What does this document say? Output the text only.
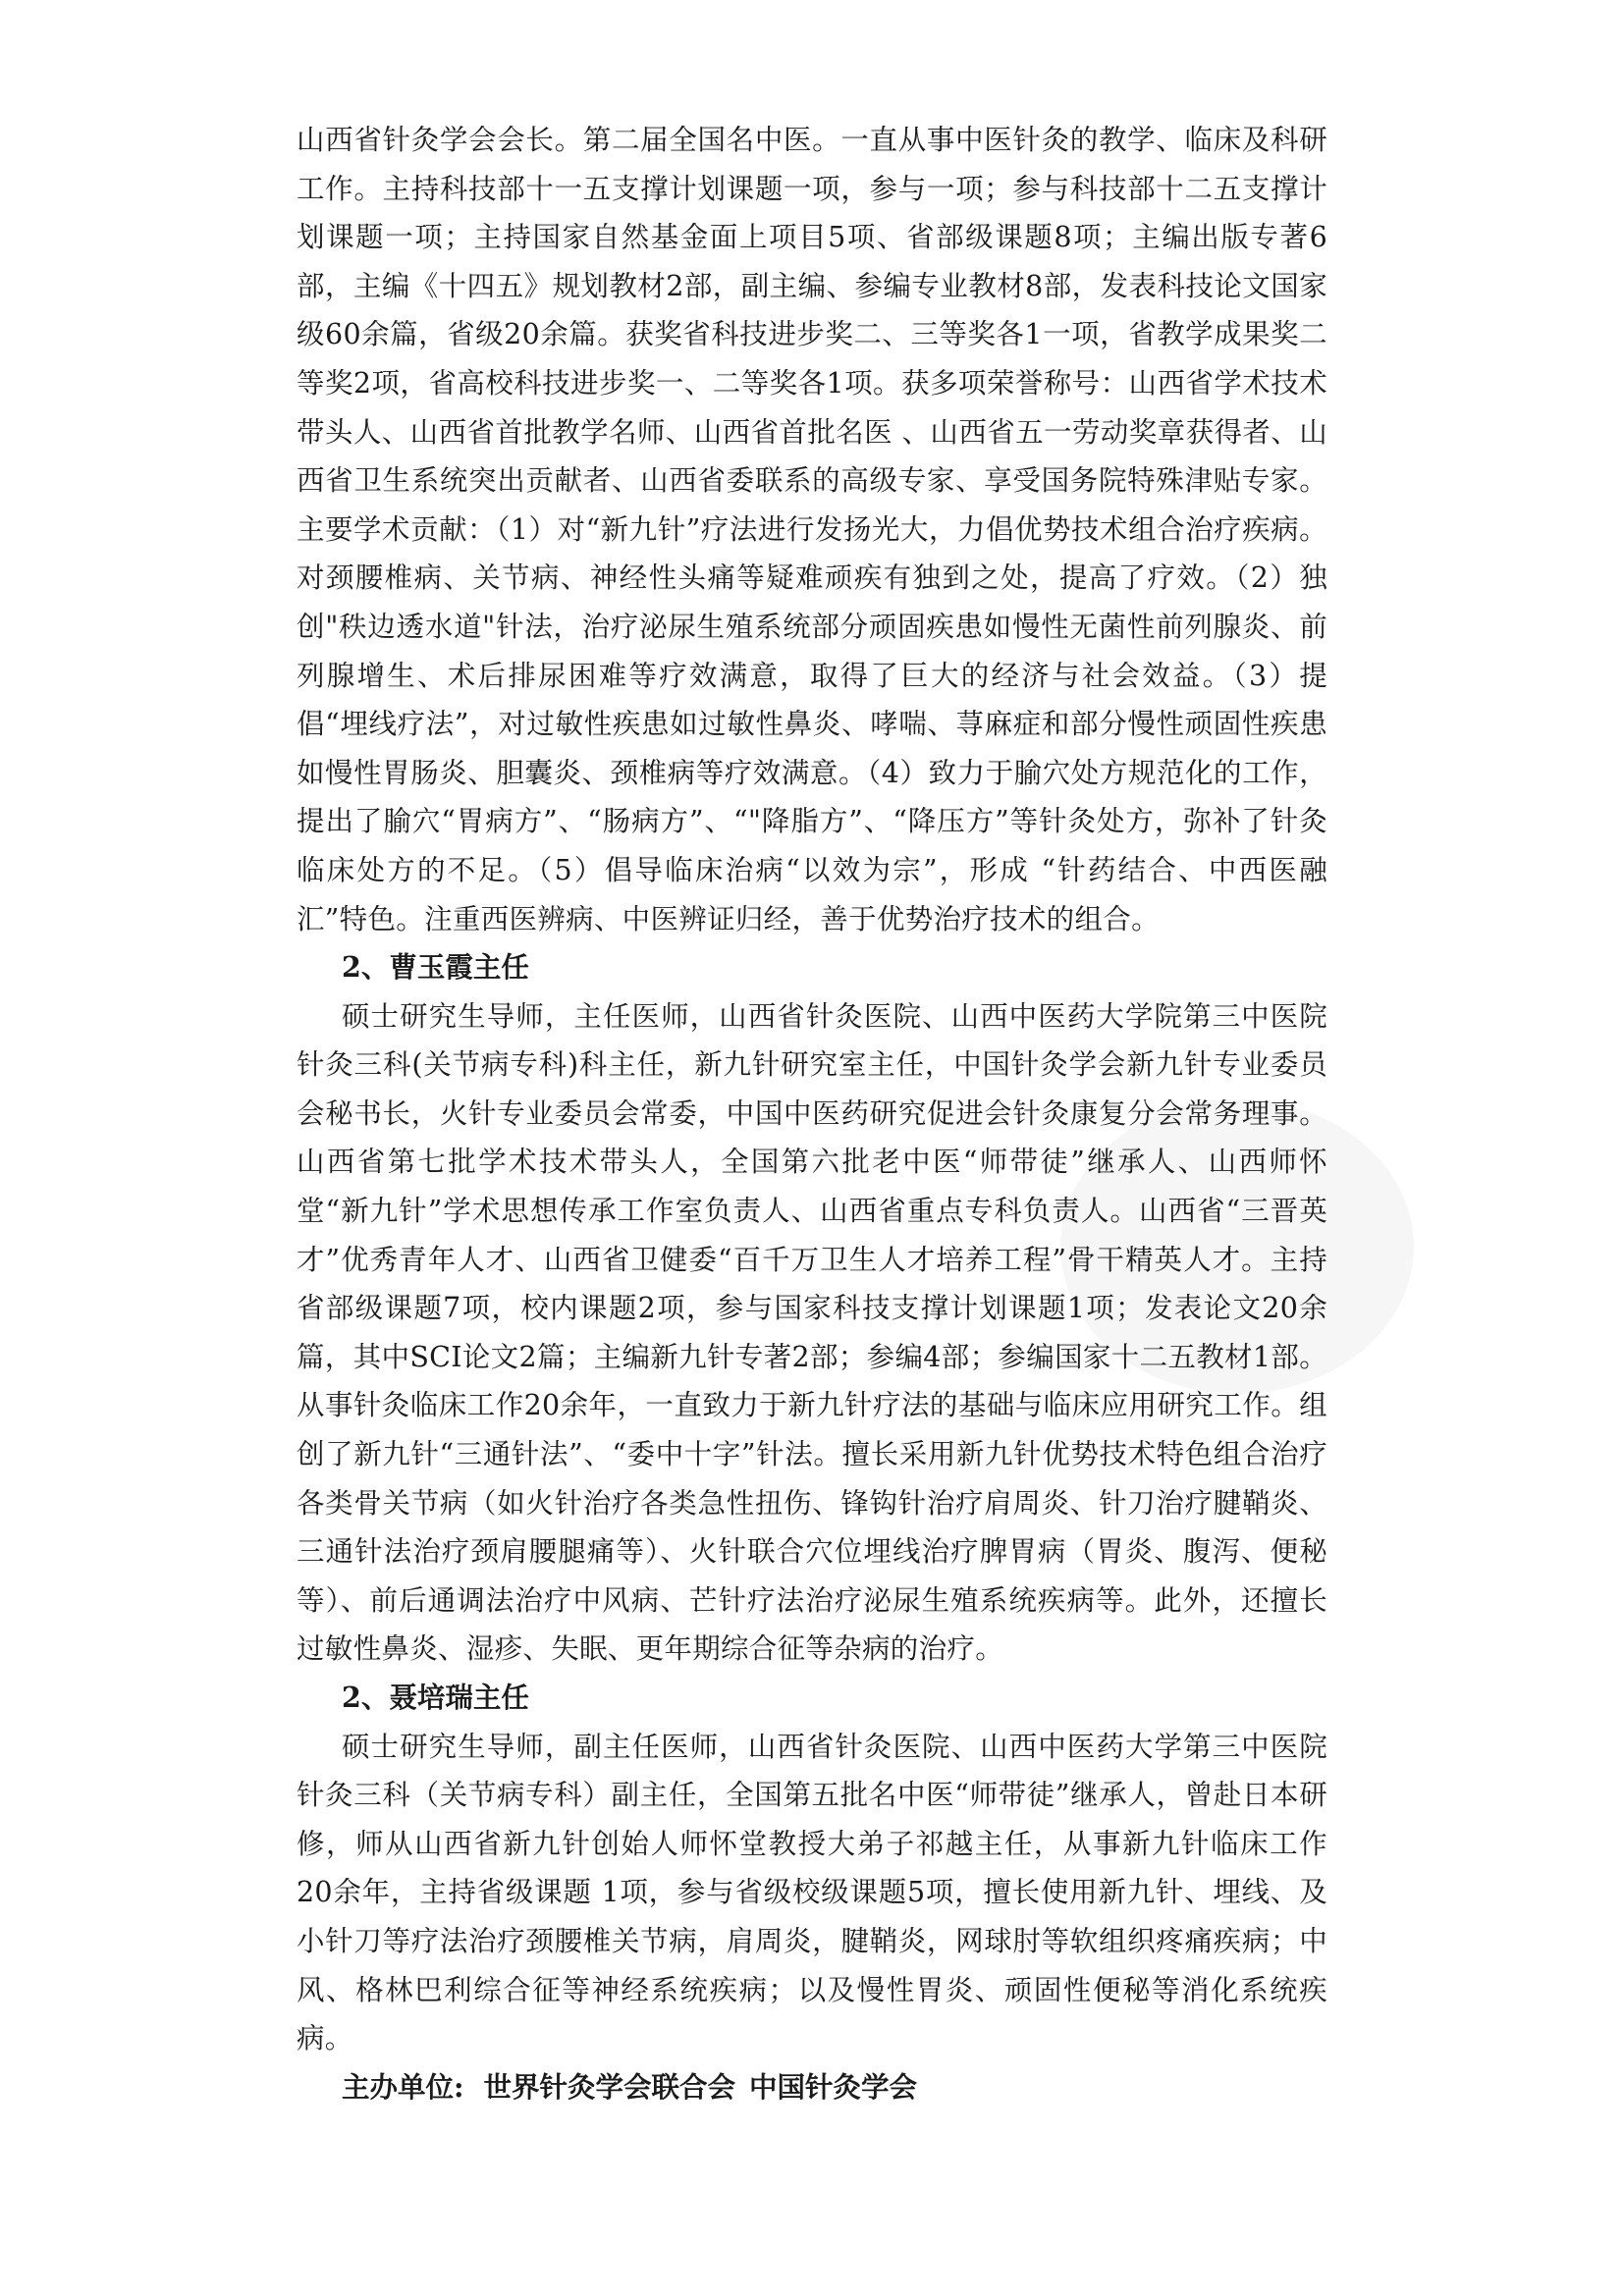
山西省针灸学会会长。第二届全国名中医。一直从事中医针灸的教学、临床及科研工作。主持科技部十一五支撑计划课题一项，参与一项；参与科技部十二五支撑计划课题一项；主持国家自然基金面上项目5项、省部级课题8项；主编出版专著6部，主编《十四五》规划教材2部，副主编、参编专业教材8部，发表科技论文国家级60余篇，省级20余篇。获奖省科技进步奖二、三等奖各1一项，省教学成果奖二等奖2项，省高校科技进步奖一、二等奖各1项。获多项荣誉称号：山西省学术技术带头人、山西省首批教学名师、山西省首批名医 、山西省五一劳动奖章获得者、山西省卫生系统突出贡献者、山西省委联系的高级专家、享受国务院特殊津贴专家。主要学术贡献：（1）对“新九针”疗法进行发扬光大，力倡优势技术组合治疗疾病。对颈腰椎病、关节病、神经性头痛等疑难顽疾有独到之处，提高了疗效。（2）独创"秩边透水道"针法，治疗泌尿生殖系统部分顽固疾患如慢性无菌性前列腺炎、前列腺增生、术后排尿困难等疗效满意，取得了巨大的经济与社会效益。（3）提倡“埋线疗法”，对过敏性疾患如过敏性鼻炎、哮喘、荨麻症和部分慢性顽固性疾患如慢性胃肠炎、胆囊炎、颈椎病等疗效满意。（4）致力于腧穴处方规范化的工作，提出了腧穴“胃病方”、“肠病方”、“"降脂方”、“降压方”等针灸处方，弥补了针灸临床处方的不足。（5）倡导临床治病“以效为宗”，形成 “针药结合、中西医融汇”特色。注重西医辨病、中医辨证归经，善于优势治疗技术的组合。

2、曹玉霞主任

硕士研究生导师，主任医师，山西省针灸医院、山西中医药大学院第三中医院针灸三科(关节病专科)科主任，新九针研究室主任，中国针灸学会新九针专业委员会秘书长，火针专业委员会常委，中国中医药研究促进会针灸康复分会常务理事。山西省第七批学术技术带头人，全国第六批老中医“师带徒”继承人、山西师怀堂“新九针”学术思想传承工作室负责人、山西省重点专科负责人。山西省“三晋英才”优秀青年人才、山西省卫健委“百千万卫生人才培养工程”骨干精英人才。主持省部级课题7项，校内课题2项，参与国家科技支撑计划课题1项；发表论文20余篇，其中SCI论文2篇；主编新九针专著2部；参编4部；参编国家十二五教材1部。从事针灸临床工作20余年，一直致力于新九针疗法的基础与临床应用研究工作。组创了新九针“三通针法”、“委中十字”针法。擅长采用新九针优势技术特色组合治疗各类骨关节病（如火针治疗各类急性扭伤、锋钩针治疗肩周炎、针刀治疗腱鞘炎、三通针法治疗颈肩腰腿痛等）、火针联合穴位埋线治疗脾胃病（胃炎、腹泻、便秘等）、前后通调法治疗中风病、芒针疗法治疗泌尿生殖系统疾病等。此外，还擅长过敏性鼻炎、湿疹、失眠、更年期综合征等杂病的治疗。

2、聂培瑞主任

硕士研究生导师，副主任医师，山西省针灸医院、山西中医药大学第三中医院针灸三科（关节病专科）副主任，全国第五批名中医“师带徒”继承人，曾赴日本研修，师从山西省新九针创始人师怀堂教授大弟子祁越主任，从事新九针临床工作 20余年，主持省级课题 1项，参与省级校级课题5项，擅长使用新九针、埋线、及小针刀等疗法治疗颈腰椎关节病，肩周炎，腱鞘炎，网球肘等软组织疼痛疾病；中风、格林巴利综合征等神经系统疾病；以及慢性胃炎、顽固性便秘等消化系统疾病。

主办单位: 世界针灸学会联合会 中国针灸学会
